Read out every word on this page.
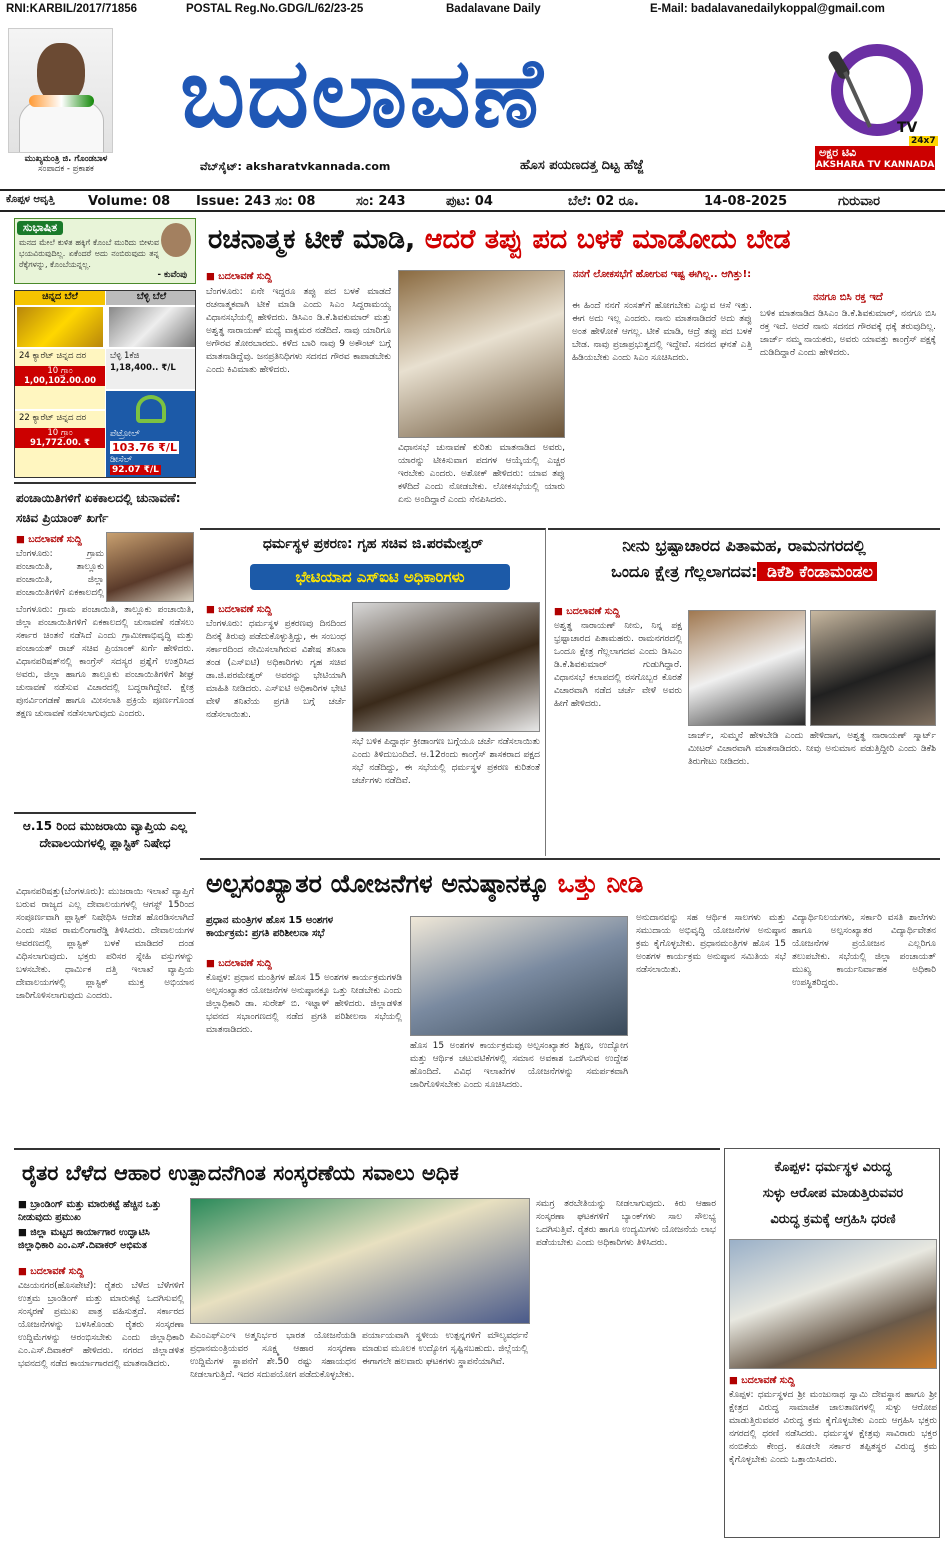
RNI:KARBIL/2017/71856	POSTAL Reg.No.GDG/L/62/23-25	Badalavane Daily	E-Mail: badalavanedailykoppal@gmail.com
ಮುಖ್ಯಮಂತ್ರಿ ಜಿ. ಗೊಂಡಬಾಳ
ಸಂಪಾದಕ - ಪ್ರಕಾಶಕ
ಬದಲಾವಣೆ
ವೆಬ್‌ಸೈಟ್: aksharatvkannada.com	ಹೊಸ ಪಯಣದತ್ತ ದಿಟ್ಟ ಹೆಜ್ಜೆ
TV
24x7
ಅಕ್ಷರ ಟಿವಿ
AKSHARA TV KANNADA
ಕೊಪ್ಪಳ ಆವೃತ್ತಿ	Volume: 08 Issue: 243 ಸಂ: 08	ಸಂ: 243	ಪುಟ: 04	ಬೆಲೆ: 02 ರೂ.	14-08-2025	ಗುರುವಾರ
ಸುಭಾಷಿತ
ಮನದ ಮೇಲೆ ಕುಳಿತ ಹಕ್ಕಿಗೆ ಕೊಂಬೆ ಮುರಿದು ಬೀಳುವ ಭಯವಿರುವುದಿಲ್ಲ. ಏಕೆಂದರೆ ಅದು ನಂಬಿರುವುದು ತನ್ನ ರೆಕ್ಕೆಗಳನ್ನು, ಕೊಂಬೆಯನ್ನಲ್ಲ.
- ಕುವೆಂಪು
ಚಿನ್ನದ ಬೆಲೆ	ಬೆಳ್ಳಿ ಬೆಲೆ
24 ಕ್ಯಾರೆಟ್ ಚಿನ್ನದ ದರ
10 ಗ್ರಾಂ
1,00,102.00.00
ಬೆಳ್ಳಿ 1ಕೆಜಿ
1,18,400.. ₹/L
ಪೆಟ್ರೋಲ್
103.76 ₹/L
ಡೀಸೆಲ್
92.07 ₹/L
22 ಕ್ಯಾರೆಟ್ ಚಿನ್ನದ ದರ
10 ಗ್ರಾಂ
91,772.00. ₹
ರಚನಾತ್ಮಕ ಟೀಕೆ ಮಾಡಿ, ಆದರೆ ತಪ್ಪು ಪದ ಬಳಕೆ ಮಾಡೋದು ಬೇಡ
■ ಬದಲಾವಣೆ ಸುದ್ದಿ
ಬೆಂಗಳೂರು: ಏನೇ ಇದ್ದರೂ ತಪ್ಪು ಪದ ಬಳಕೆ ಮಾಡದೆ ರಚನಾತ್ಮಕವಾಗಿ ಟೀಕೆ ಮಾಡಿ ಎಂದು ಸಿಎಂ ಸಿದ್ದರಾಮಯ್ಯ ವಿಧಾನಸಭೆಯಲ್ಲಿ ಹೇಳಿದರು. ಡಿಸಿಎಂ ಡಿ.ಕೆ.ಶಿವಕುಮಾರ್ ಮತ್ತು ಅಶ್ವತ್ಥ ನಾರಾಯಣ್ ಮಧ್ಯೆ ವಾಕ್ಸಮರ ನಡೆದಿದೆ. ನಾವು ಯಾರಿಗೂ ಅಗೌರವ ತೋರಬಾರದು. ಕಳೆದ ಬಾರಿ ನಾವು 9 ಅಕೌಂಟ್ ಬಗ್ಗೆ ಮಾತನಾಡಿದ್ದೆವು. ಜನಪ್ರತಿನಿಧಿಗಳು ಸದನದ ಗೌರವ ಕಾಪಾಡಬೇಕು ಎಂದು ಕಿವಿಮಾತು ಹೇಳಿದರು.
ವಿಧಾನಸಭೆ ಚುನಾವಣೆ ಕುರಿತು ಮಾತನಾಡಿದ ಅವರು, ಯಾರನ್ನು ಟೀಕಿಸುವಾಗ ಪದಗಳ ಆಯ್ಕೆಯಲ್ಲಿ ಎಚ್ಚರ ಇರಬೇಕು ಎಂದರು. ಅಶೋಕ್ ಹೇಳಿದರು: ಯಾವ ತಪ್ಪು ಕಳೆದಿದೆ ಎಂದು ನೋಡಬೇಕು. ಲೋಕಸಭೆಯಲ್ಲಿ ಯಾರು ಏನು ಅಂದಿದ್ದಾರೆ ಎಂದು ನೆನಪಿಸಿದರು.
ನನಗೆ ಲೋಕಸಭೆಗೆ ಹೋಗುವ ಇಷ್ಟ ಈಗಿಲ್ಲ.. ಆಗಿತ್ತು!:
ಈ ಹಿಂದೆ ನನಗೆ ಸಂಸತ್‌ಗೆ ಹೋಗಬೇಕು ಎನ್ನುವ ಆಸೆ ಇತ್ತು. ಈಗ ಅದು ಇಲ್ಲ ಎಂದರು. ನಾನು ಮಾತನಾಡಿದರೆ ಅದು ತಪ್ಪು ಅಂತ ಹೇಳೋಕೆ ಆಗಲ್ಲ. ಟೀಕೆ ಮಾಡಿ, ಆದ್ರೆ ತಪ್ಪು ಪದ ಬಳಕೆ ಬೇಡ. ನಾವು ಪ್ರಜಾಪ್ರಭುತ್ವದಲ್ಲಿ ಇದ್ದೇವೆ. ಸದನದ ಘನತೆ ಎತ್ತಿ ಹಿಡಿಯಬೇಕು ಎಂದು ಸಿಎಂ ಸೂಚಿಸಿದರು.
ನನಗೂ ಬಿಸಿ ರಕ್ತ ಇದೆ
ಬಳಿಕ ಮಾತನಾಡಿದ ಡಿಸಿಎಂ ಡಿ.ಕೆ.ಶಿವಕುಮಾರ್, ನನಗೂ ಬಿಸಿ ರಕ್ತ ಇದೆ. ಅದರೆ ನಾನು ಸದನದ ಗೌರವಕ್ಕೆ ಧಕ್ಕೆ ತರುವುದಿಲ್ಲ. ಜಾರ್ಜ್ ನಮ್ಮ ನಾಯಕರು, ಅವರು ಯಾವತ್ತು ಕಾಂಗ್ರೆಸ್ ಪಕ್ಷಕ್ಕೆ ದುಡಿದಿದ್ದಾರೆ ಎಂದು ಹೇಳಿದರು.
ಪಂಚಾಯಿತಿಗಳಿಗೆ ಏಕಕಾಲದಲ್ಲಿ ಚುನಾವಣೆ: ಸಚಿವ ಪ್ರಿಯಾಂಕ್ ಖರ್ಗೆ
■ ಬದಲಾವಣೆ ಸುದ್ದಿ
ಬೆಂಗಳೂರು: ಗ್ರಾಮ ಪಂಚಾಯಿತಿ, ತಾಲ್ಲೂಕು ಪಂಚಾಯಿತಿ, ಜಿಲ್ಲಾ ಪಂಚಾಯಿತಿಗಳಿಗೆ ಏಕಕಾಲದಲ್ಲಿ
ಬೆಂಗಳೂರು: ಗ್ರಾಮ ಪಂಚಾಯಿತಿ, ತಾಲ್ಲೂಕು ಪಂಚಾಯಿತಿ, ಜಿಲ್ಲಾ ಪಂಚಾಯಿತಿಗಳಿಗೆ ಏಕಕಾಲದಲ್ಲಿ ಚುನಾವಣೆ ನಡೆಸಲು ಸರ್ಕಾರ ಚಿಂತನೆ ನಡೆಸಿದೆ ಎಂದು ಗ್ರಾಮೀಣಾಭಿವೃದ್ಧಿ ಮತ್ತು ಪಂಚಾಯತ್ ರಾಜ್ ಸಚಿವ ಪ್ರಿಯಾಂಕ್ ಖರ್ಗೆ ಹೇಳಿದರು. ವಿಧಾನಪರಿಷತ್‌ನಲ್ಲಿ ಕಾಂಗ್ರೆಸ್ ಸದಸ್ಯರ ಪ್ರಶ್ನೆಗೆ ಉತ್ತರಿಸಿದ ಅವರು, ಜಿಲ್ಲಾ ಹಾಗೂ ತಾಲ್ಲೂಕು ಪಂಚಾಯಿತಿಗಳಿಗೆ ಶೀಘ್ರ ಚುನಾವಣೆ ನಡೆಸುವ ವಿಚಾರದಲ್ಲಿ ಬದ್ಧರಾಗಿದ್ದೇವೆ. ಕ್ಷೇತ್ರ ಪುನರ್ವಿಂಗಡಣೆ ಹಾಗೂ ಮೀಸಲಾತಿ ಪ್ರಕ್ರಿಯೆ ಪೂರ್ಣಗೊಂಡ ತಕ್ಷಣ ಚುನಾವಣೆ ನಡೆಸಲಾಗುವುದು ಎಂದರು.
ಆ.15 ರಿಂದ ಮುಜರಾಯಿ ವ್ಯಾಪ್ತಿಯ ಎಲ್ಲ ದೇವಾಲಯಗಳಲ್ಲಿ ಪ್ಲಾಸ್ಟಿಕ್ ನಿಷೇಧ
ವಿಧಾನಪರಿಷತ್ತು(ಬೆಂಗಳೂರು): ಮುಜರಾಯಿ ಇಲಾಖೆ ವ್ಯಾಪ್ತಿಗೆ ಬರುವ ರಾಜ್ಯದ ಎಲ್ಲ ದೇವಾಲಯಗಳಲ್ಲಿ ಆಗಸ್ಟ್ 15ರಿಂದ ಸಂಪೂರ್ಣವಾಗಿ ಪ್ಲಾಸ್ಟಿಕ್ ನಿಷೇಧಿಸಿ ಆದೇಶ ಹೊರಡಿಸಲಾಗಿದೆ ಎಂದು ಸಚಿವ ರಾಮಲಿಂಗಾರೆಡ್ಡಿ ತಿಳಿಸಿದರು. ದೇವಾಲಯಗಳ ಆವರಣದಲ್ಲಿ ಪ್ಲಾಸ್ಟಿಕ್ ಬಳಕೆ ಮಾಡಿದರೆ ದಂಡ ವಿಧಿಸಲಾಗುವುದು. ಭಕ್ತರು ಪರಿಸರ ಸ್ನೇಹಿ ವಸ್ತುಗಳನ್ನು ಬಳಸಬೇಕು. ಧಾರ್ಮಿಕ ದತ್ತಿ ಇಲಾಖೆ ವ್ಯಾಪ್ತಿಯ ದೇವಾಲಯಗಳಲ್ಲಿ ಪ್ಲಾಸ್ಟಿಕ್ ಮುಕ್ತ ಅಭಿಯಾನ ಜಾರಿಗೊಳಿಸಲಾಗುವುದು ಎಂದರು.
ಧರ್ಮಸ್ಥಳ ಪ್ರಕರಣ: ಗೃಹ ಸಚಿವ ಜಿ.ಪರಮೇಶ್ವರ್
ಭೇಟಿಯಾದ ಎಸ್‌ಐಟಿ ಅಧಿಕಾರಿಗಳು
■ ಬದಲಾವಣೆ ಸುದ್ದಿ
ಬೆಂಗಳೂರು: ಧರ್ಮಸ್ಥಳ ಪ್ರಕರಣವು ದಿನದಿಂದ ದಿನಕ್ಕೆ ತಿರುವು ಪಡೆದುಕೊಳ್ಳುತ್ತಿದ್ದು, ಈ ಸಂಬಂಧ ಸರ್ಕಾರದಿಂದ ನೇಮಿಸಲಾಗಿರುವ ವಿಶೇಷ ತನಿಖಾ ತಂಡ (ಎಸ್‌ಐಟಿ) ಅಧಿಕಾರಿಗಳು ಗೃಹ ಸಚಿವ ಡಾ.ಜಿ.ಪರಮೇಶ್ವರ್ ಅವರನ್ನು ಭೇಟಿಯಾಗಿ ಮಾಹಿತಿ ನೀಡಿದರು. ಎಸ್‌ಐಟಿ ಅಧಿಕಾರಿಗಳ ಭೇಟಿ ವೇಳೆ ತನಿಖೆಯ ಪ್ರಗತಿ ಬಗ್ಗೆ ಚರ್ಚೆ ನಡೆಸಲಾಯಿತು.
ಸಭೆ ಬಳಿಕ ಪಿದ್ದಾರ್ಥ ಕ್ರೀಡಾಂಗಣ ಬಗ್ಗೆಯೂ ಚರ್ಚೆ ನಡೆಸಲಾಯಿತು ಎಂದು ತಿಳಿದುಬಂದಿದೆ. ಆ.12ರಂದು ಕಾಂಗ್ರೆಸ್ ಶಾಸಕರಾದ ಪಕ್ಷದ ಸಭೆ ನಡೆದಿದ್ದು, ಈ ಸಭೆಯಲ್ಲಿ ಧರ್ಮಸ್ಥಳ ಪ್ರಕರಣ ಕುರಿತಂತೆ ಚರ್ಚೆಗಳು ನಡೆದಿವೆ.
ನೀನು ಭ್ರಷ್ಟಾಚಾರದ ಪಿತಾಮಹ, ರಾಮನಗರದಲ್ಲಿ
ಒಂದೂ ಕ್ಷೇತ್ರ ಗೆಲ್ಲಲಾಗದವ: ಡಿಕೆಶಿ ಕೆಂಡಾಮಂಡಲ
■ ಬದಲಾವಣೆ ಸುದ್ದಿ
ಅಶ್ವತ್ಥ ನಾರಾಯಣ್ ನೀನು, ನಿನ್ನ ಪಕ್ಷ ಭ್ರಷ್ಟಾಚಾರದ ಪಿತಾಮಹರು. ರಾಮನಗರದಲ್ಲಿ ಒಂದೂ ಕ್ಷೇತ್ರ ಗೆಲ್ಲಲಾಗದವ ಎಂದು ಡಿಸಿಎಂ ಡಿ.ಕೆ.ಶಿವಕುಮಾರ್ ಗುಡುಗಿದ್ದಾರೆ. ವಿಧಾನಸಭೆ ಕಲಾಪದಲ್ಲಿ ರಸಗೊಬ್ಬರ ಕೊರತೆ ವಿಚಾರವಾಗಿ ನಡೆದ ಚರ್ಚೆ ವೇಳೆ ಅವರು ಹೀಗೆ ಹೇಳಿದರು.
ಜಾರ್ಜ್, ಸುಮ್ಮನೆ ಹೇಳಬೇಡಿ ಎಂದು ಹೇಳಿದಾಗ, ಅಶ್ವತ್ಥ ನಾರಾಯಣ್ ಸ್ಮಾರ್ಟ್ ಮೀಟರ್ ವಿಚಾರವಾಗಿ ಮಾತನಾಡಿದರು. ನೀವು ಅನುಮಾನ ಪಡುತ್ತಿದ್ದೀರಿ ಎಂದು ಡಿಕೆಶಿ ತಿರುಗೇಟು ನೀಡಿದರು.
ಅಲ್ಪಸಂಖ್ಯಾತರ ಯೋಜನೆಗಳ ಅನುಷ್ಠಾನಕ್ಕೂ ಒತ್ತು ನೀಡಿ
ಪ್ರಧಾನ ಮಂತ್ರಿಗಳ ಹೊಸ 15 ಅಂಶಗಳ ಕಾರ್ಯಕ್ರಮ: ಪ್ರಗತಿ ಪರಿಶೀಲನಾ ಸಭೆ
■ ಬದಲಾವಣೆ ಸುದ್ದಿ
ಕೊಪ್ಪಳ: ಪ್ರಧಾನ ಮಂತ್ರಿಗಳ ಹೊಸ 15 ಅಂಶಗಳ ಕಾರ್ಯಕ್ರಮಗಳಡಿ ಅಲ್ಪಸಂಖ್ಯಾತರ ಯೋಜನೆಗಳ ಅನುಷ್ಠಾನಕ್ಕೂ ಒತ್ತು ನೀಡಬೇಕು ಎಂದು ಜಿಲ್ಲಾಧಿಕಾರಿ ಡಾ. ಸುರೇಶ್ ಬಿ. ಇಟ್ನಾಳ್ ಹೇಳಿದರು. ಜಿಲ್ಲಾಡಳಿತ ಭವನದ ಸಭಾಂಗಣದಲ್ಲಿ ನಡೆದ ಪ್ರಗತಿ ಪರಿಶೀಲನಾ ಸಭೆಯಲ್ಲಿ ಮಾತನಾಡಿದರು.
ಹೊಸ 15 ಅಂಶಗಳ ಕಾರ್ಯಕ್ರಮವು ಅಲ್ಪಸಂಖ್ಯಾತರ ಶಿಕ್ಷಣ, ಉದ್ಯೋಗ ಮತ್ತು ಆರ್ಥಿಕ ಚಟುವಟಿಕೆಗಳಲ್ಲಿ ಸಮಾನ ಅವಕಾಶ ಒದಗಿಸುವ ಉದ್ದೇಶ ಹೊಂದಿದೆ. ವಿವಿಧ ಇಲಾಖೆಗಳ ಯೋಜನೆಗಳನ್ನು ಸಮರ್ಪಕವಾಗಿ ಜಾರಿಗೊಳಿಸಬೇಕು ಎಂದು ಸೂಚಿಸಿದರು.
ಅನುದಾನವನ್ನು ಸಹ ಆರ್ಥಿಕ ಸಾಲಗಳು ಮತ್ತು ಸಮುದಾಯ ಅಭಿವೃದ್ಧಿ ಯೋಜನೆಗಳ ಅನುಷ್ಠಾನ ಕ್ರಮ ಕೈಗೊಳ್ಳಬೇಕು. ಪ್ರಧಾನಮಂತ್ರಿಗಳ ಹೊಸ 15 ಅಂಶಗಳ ಕಾರ್ಯಕ್ರಮ ಅನುಷ್ಠಾನ ಸಮಿತಿಯ ಸಭೆ ನಡೆಸಲಾಯಿತು.
ವಿದ್ಯಾರ್ಥಿನಿಲಯಗಳು, ಸರ್ಕಾರಿ ವಸತಿ ಶಾಲೆಗಳು ಹಾಗೂ ಅಲ್ಪಸಂಖ್ಯಾತರ ವಿದ್ಯಾರ್ಥಿವೇತನ ಯೋಜನೆಗಳ ಪ್ರಯೋಜನ ಎಲ್ಲರಿಗೂ ತಲುಪಬೇಕು. ಸಭೆಯಲ್ಲಿ ಜಿಲ್ಲಾ ಪಂಚಾಯತ್ ಮುಖ್ಯ ಕಾರ್ಯನಿರ್ವಾಹಕ ಅಧಿಕಾರಿ ಉಪಸ್ಥಿತರಿದ್ದರು.
ರೈತರ ಬೆಳೆದ ಆಹಾರ ಉತ್ಪಾದನೆಗಿಂತ ಸಂಸ್ಕರಣೆಯ ಸವಾಲು ಅಧಿಕ
■ ಬ್ರಾಂಡಿಂಗ್ ಮತ್ತು ಮಾರುಕಟ್ಟೆ ಹೆಚ್ಚಿನ ಒತ್ತು ನೀಡುವುದು ಪ್ರಮುಖ
■ ಜಿಲ್ಲಾ ಮಟ್ಟದ ಕಾರ್ಯಾಗಾರ ಉದ್ಘಾಟಿಸಿ ಜಿಲ್ಲಾಧಿಕಾರಿ ಎಂ.ಎಸ್.ದಿವಾಕರ್ ಅಭಿಮತ
■ ಬದಲಾವಣೆ ಸುದ್ದಿ
ವಿಜಯನಗರ(ಹೊಸಪೇಟೆ): ರೈತರು ಬೆಳೆದ ಬೆಳೆಗಳಿಗೆ ಉತ್ತಮ ಬ್ರಾಂಡಿಂಗ್ ಮತ್ತು ಮಾರುಕಟ್ಟೆ ಒದಗಿಸುವಲ್ಲಿ ಸಂಸ್ಕರಣೆ ಪ್ರಮುಖ ಪಾತ್ರ ವಹಿಸುತ್ತದೆ. ಸರ್ಕಾರದ ಯೋಜನೆಗಳನ್ನು ಬಳಸಿಕೊಂಡು ರೈತರು ಸಂಸ್ಕರಣಾ ಉದ್ದಿಮೆಗಳನ್ನು ಆರಂಭಿಸಬೇಕು ಎಂದು ಜಿಲ್ಲಾಧಿಕಾರಿ ಎಂ.ಎಸ್.ದಿವಾಕರ್ ಹೇಳಿದರು. ನಗರದ ಜಿಲ್ಲಾಡಳಿತ ಭವನದಲ್ಲಿ ನಡೆದ ಕಾರ್ಯಾಗಾರದಲ್ಲಿ ಮಾತನಾಡಿದರು.
ಪಿಎಂಎಫ್‌ಎಂಇ ಅತ್ಮನಿರ್ಭರ ಭಾರತ ಯೋಜನೆಯಡಿ ಪ್ರಧಾನಮಂತ್ರಿಯವರ ಸೂಕ್ಷ್ಮ ಆಹಾರ ಸಂಸ್ಕರಣಾ ಉದ್ದಿಮೆಗಳ ಸ್ಥಾಪನೆಗೆ ಶೇ.50 ರಷ್ಟು ಸಹಾಯಧನ ನೀಡಲಾಗುತ್ತಿದೆ. ಇದರ ಸದುಪಯೋಗ ಪಡೆದುಕೊಳ್ಳಬೇಕು.
ಪರ್ಯಾಯವಾಗಿ ಸ್ಥಳೀಯ ಉತ್ಪನ್ನಗಳಿಗೆ ಮೌಲ್ಯವರ್ಧನೆ ಮಾಡುವ ಮೂಲಕ ಉದ್ಯೋಗ ಸೃಷ್ಟಿಸಬಹುದು. ಜಿಲ್ಲೆಯಲ್ಲಿ ಈಗಾಗಲೇ ಹಲವಾರು ಘಟಕಗಳು ಸ್ಥಾಪನೆಯಾಗಿವೆ.
ಸಮಗ್ರ ತರಬೇತಿಯನ್ನು ನೀಡಲಾಗುವುದು. ಕಿರು ಆಹಾರ ಸಂಸ್ಕರಣಾ ಘಟಕಗಳಿಗೆ ಬ್ಯಾಂಕ್‌ಗಳು ಸಾಲ ಸೌಲಭ್ಯ ಒದಗಿಸುತ್ತಿವೆ. ರೈತರು ಹಾಗೂ ಉದ್ಯಮಿಗಳು ಯೋಜನೆಯ ಲಾಭ ಪಡೆಯಬೇಕು ಎಂದು ಅಧಿಕಾರಿಗಳು ತಿಳಿಸಿದರು.
ಕೊಪ್ಪಳ: ಧರ್ಮಸ್ಥಳ ವಿರುದ್ಧ
ಸುಳ್ಳು ಆರೋಪ ಮಾಡುತ್ತಿರುವವರ
ವಿರುದ್ಧ ಕ್ರಮಕ್ಕೆ ಆಗ್ರಹಿಸಿ ಧರಣಿ
■ ಬದಲಾವಣೆ ಸುದ್ದಿ
ಕೊಪ್ಪಳ: ಧರ್ಮಸ್ಥಳದ ಶ್ರೀ ಮಂಜುನಾಥ ಸ್ವಾಮಿ ದೇವಸ್ಥಾನ ಹಾಗೂ ಶ್ರೀ ಕ್ಷೇತ್ರದ ವಿರುದ್ಧ ಸಾಮಾಜಿಕ ಜಾಲತಾಣಗಳಲ್ಲಿ ಸುಳ್ಳು ಆರೋಪ ಮಾಡುತ್ತಿರುವವರ ವಿರುದ್ಧ ಕ್ರಮ ಕೈಗೊಳ್ಳಬೇಕು ಎಂದು ಆಗ್ರಹಿಸಿ ಭಕ್ತರು ನಗರದಲ್ಲಿ ಧರಣಿ ನಡೆಸಿದರು. ಧರ್ಮಸ್ಥಳ ಕ್ಷೇತ್ರವು ಸಾವಿರಾರು ಭಕ್ತರ ನಂಬಿಕೆಯ ಕೇಂದ್ರ. ಕೂಡಲೇ ಸರ್ಕಾರ ತಪ್ಪಿತಸ್ಥರ ವಿರುದ್ಧ ಕ್ರಮ ಕೈಗೊಳ್ಳಬೇಕು ಎಂದು ಒತ್ತಾಯಿಸಿದರು.
